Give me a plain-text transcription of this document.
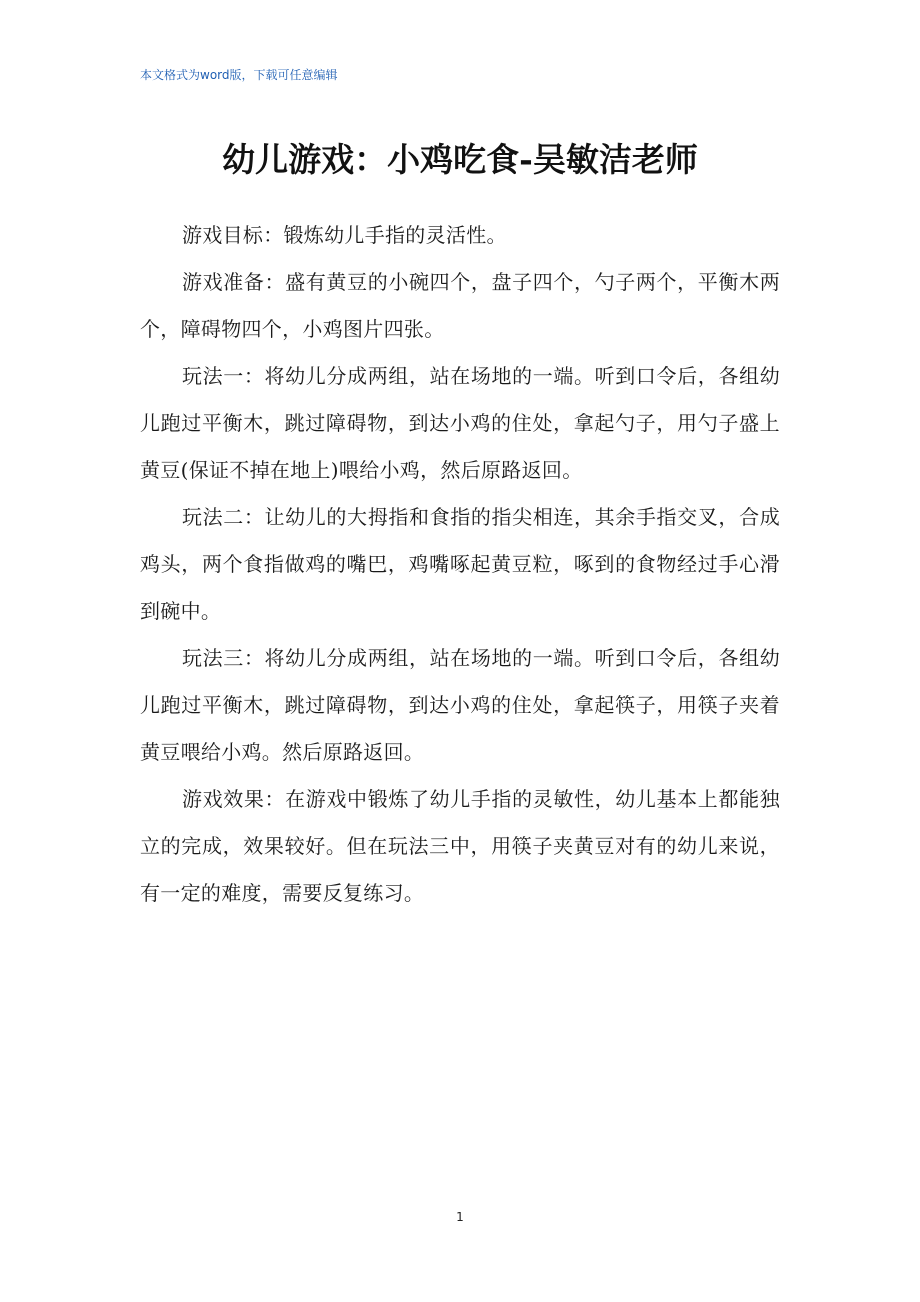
本文格式为word版，下载可任意编辑
幼儿游戏：小鸡吃食-吴敏洁老师

游戏目标：锻炼幼儿手指的灵活性。

游戏准备：盛有黄豆的小碗四个，盘子四个，勺子两个，平衡木两个，障碍物四个，小鸡图片四张。

玩法一：将幼儿分成两组，站在场地的一端。听到口令后，各组幼儿跑过平衡木，跳过障碍物，到达小鸡的住处，拿起勺子，用勺子盛上黄豆(保证不掉在地上)喂给小鸡，然后原路返回。

玩法二：让幼儿的大拇指和食指的指尖相连，其余手指交叉，合成鸡头，两个食指做鸡的嘴巴，鸡嘴啄起黄豆粒，啄到的食物经过手心滑到碗中。

玩法三：将幼儿分成两组，站在场地的一端。听到口令后，各组幼儿跑过平衡木，跳过障碍物，到达小鸡的住处，拿起筷子，用筷子夹着黄豆喂给小鸡。然后原路返回。

游戏效果：在游戏中锻炼了幼儿手指的灵敏性，幼儿基本上都能独立的完成，效果较好。但在玩法三中，用筷子夹黄豆对有的幼儿来说，有一定的难度，需要反复练习。

1
